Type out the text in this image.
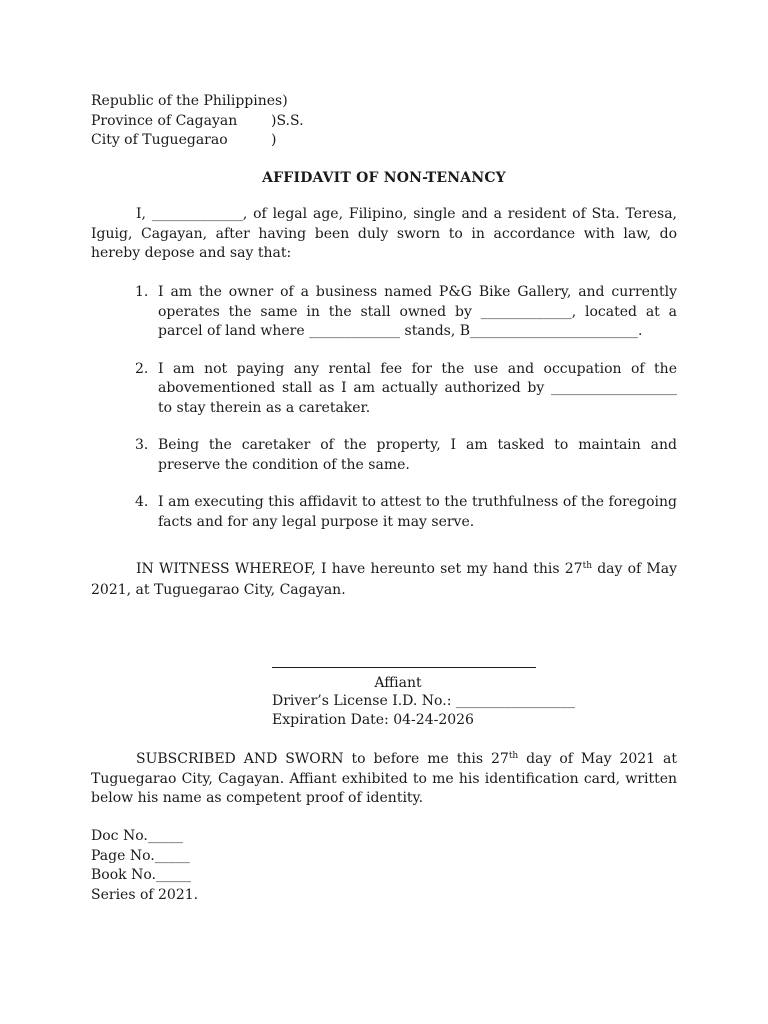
Republic of the Philippines)
Province of Cagayan )S.S.
City of Tuguegarao	)
AFFIDAVIT OF NON-TENANCY

I, _____________, of legal age, Filipino, single and a resident of Sta. Teresa, Iguig, Cagayan, after having been duly sworn to in accordance with law, do hereby depose and say that:

1. I am the owner of a business named P&G Bike Gallery, and currently operates the same in the stall owned by _____________, located at a parcel of land where _____________ stands, B________________________.
2. I am not paying any rental fee for the use and occupation of the abovementioned stall as I am actually authorized by __________________ to stay therein as a caretaker.
3. Being the caretaker of the property, I am tasked to maintain and preserve the condition of the same.
4. I am executing this affidavit to attest to the truthfulness of the foregoing facts and for any legal purpose it may serve.

IN WITNESS WHEREOF, I have hereunto set my hand this 27th day of May 2021, at Tuguegarao City, Cagayan.

Affiant
Driver’s License I.D. No.: _________________
Expiration Date: 04-24-2026

SUBSCRIBED AND SWORN to before me this 27th day of May 2021 at Tuguegarao City, Cagayan. Affiant exhibited to me his identification card, written below his name as competent proof of identity.

Doc No._____
Page No._____
Book No._____
Series of 2021.
